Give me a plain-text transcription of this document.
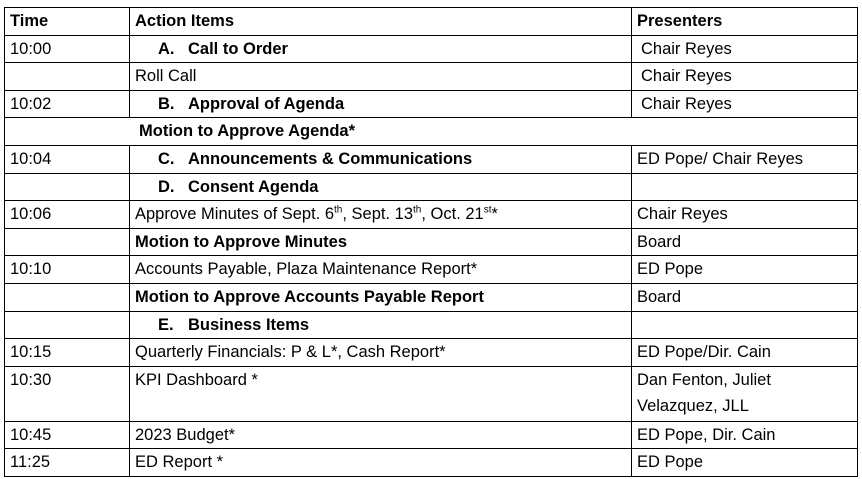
Time	Action Items	Presenters
10:00	A. Call to Order	Chair Reyes
	Roll Call	Chair Reyes
10:02	B. Approval of Agenda	Chair Reyes
Motion to Approve Agenda*		
10:04	C. Announcements & Communications	ED Pope/ Chair Reyes
	D. Consent Agenda	
10:06	Approve Minutes of Sept. 6th, Sept. 13th, Oct. 21st*	Chair Reyes
	Motion to Approve Minutes	Board
10:10	Accounts Payable, Plaza Maintenance Report*	ED Pope
	Motion to Approve Accounts Payable Report	Board
	E. Business Items	
10:15	Quarterly Financials: P & L*, Cash Report*	ED Pope/Dir. Cain
10:30	KPI Dashboard *	Dan Fenton, Juliet Velazquez, JLL
10:45	2023 Budget*	ED Pope, Dir. Cain
11:25	ED Report *	ED Pope
